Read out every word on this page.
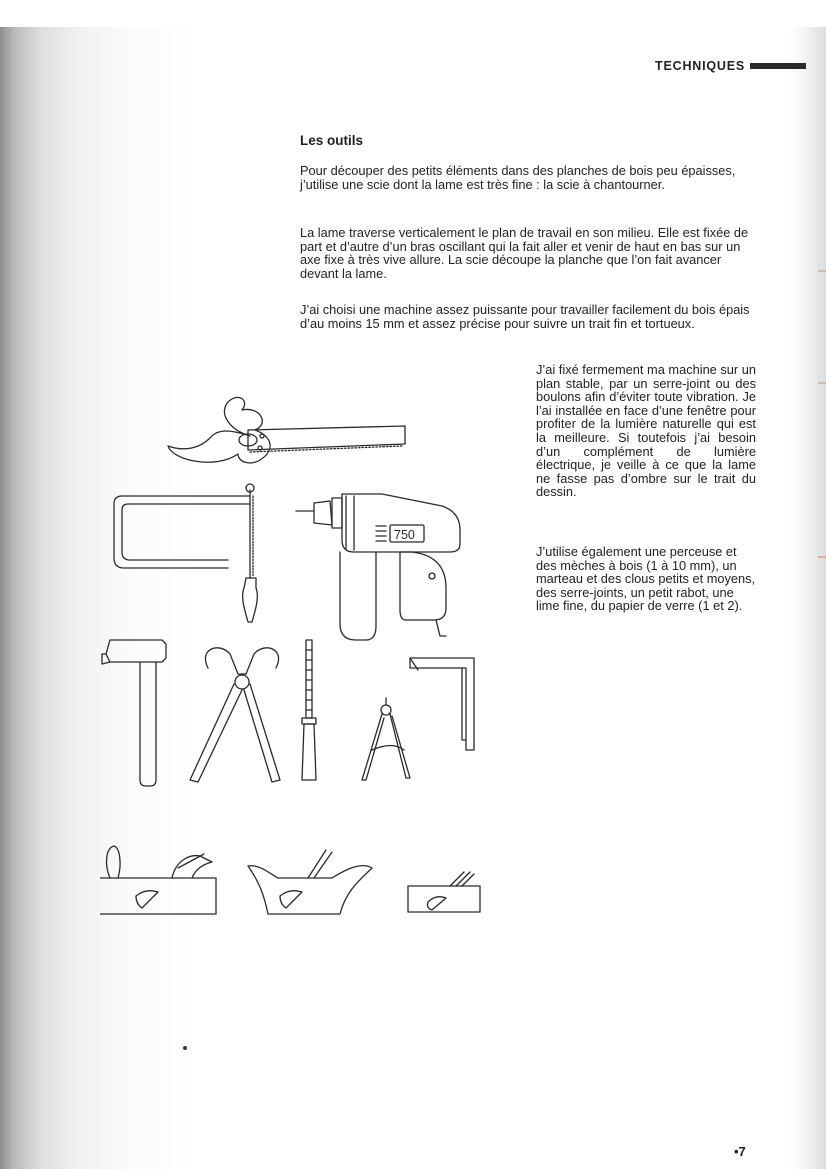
TECHNIQUES
Les outils

Pour découper des petits éléments dans des planches de bois peu épaisses, j’utilise une scie dont la lame est très fine : la scie à chantourner.

La lame traverse verticalement le plan de travail en son milieu. Elle est fixée de part et d’autre d’un bras oscillant qui la fait aller et venir de haut en bas sur un axe fixe à très vive allure. La scie découpe la planche que l’on fait avancer devant la lame.

J’ai choisi une machine assez puissante pour travailler facilement du bois épais d’au moins 15 mm et assez précise pour suivre un trait fin et tortueux.

J’ai fixé fermement ma machine sur un plan stable, par un serre-joint ou des boulons afin d’éviter toute vibration. Je l’ai installée en face d’une fenêtre pour profiter de la lumière naturelle qui est la meilleure. Si toutefois j’ai besoin d’un complément de lumière électrique, je veille à ce que la lame ne fasse pas d’ombre sur le trait du dessin.

J’utilise également une perceuse et des mèches à bois (1 à 10 mm), un marteau et des clous petits et moyens, des serre-joints, un petit rabot, une lime fine, du papier de verre (1 et 2).

750
•7
